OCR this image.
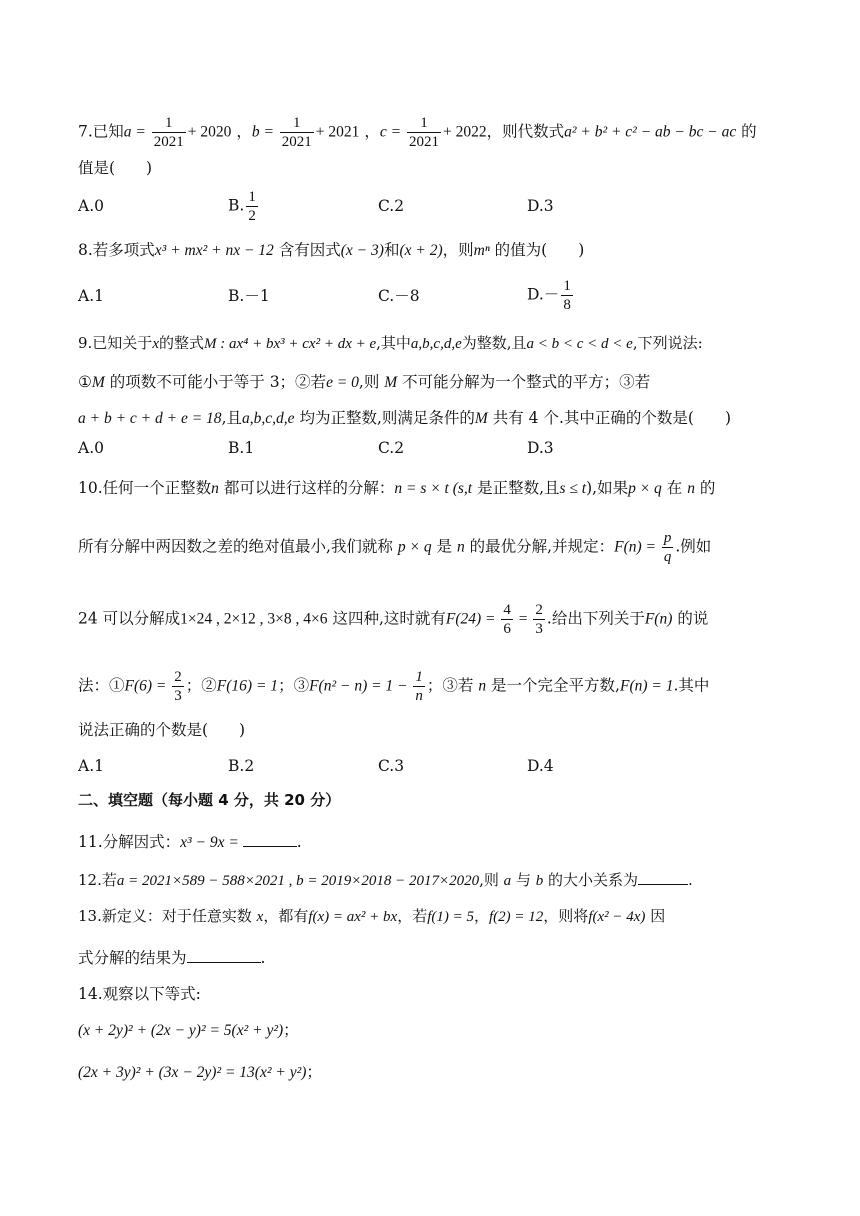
7.已知$a = \frac{1}{2021} + 2020$ ，$b = \frac{1}{2021} + 2021$ ，$c = \frac{1}{2021} + 2022$，则代数式a² + b² + c² − ab − bc − ac 的
值是(　　)
A.0	B. $\frac{1}{2}$	C.2	D.3
8.若多项式x³ + mx² + nx − 12 含有因式(x − 3)和(x + 2)，则mⁿ 的值为(　　)
A.1	B.－1	C.－8	$D.- \frac{1}{8}$
9.已知关于x的整式M : ax⁴ + bx³ + cx² + dx + e,其中a,b,c,d,e为整数,且a < b < c < d < e,下列说法:
①M 的项数不可能小于等于 3；②若e = 0,则 M 不可能分解为一个整式的平方；③若
a + b + c + d + e = 18,且a,b,c,d,e 均为正整数,则满足条件的M 共有 4 个.其中正确的个数是(　　)
A.0	B.1	C.2	D.3
10.任何一个正整数n 都可以进行这样的分解：n = s × t (s,t 是正整数,且s ≤ t),如果p × q 在 n 的
所有分解中两因数之差的绝对值最小,我们就称 p × q 是 n 的最优分解,并规定：$F(n) = \frac{p}{q}$ .例如
24 可以分解成1×24 , 2×12 , 3×8 , 4×6 这四种,这时就有$F(24) = \frac{4}{6} = \frac{2}{3}$ .给出下列关于F(n) 的说
法：①F(6) = $\frac{2}{3}$ ；②F(16) = 1；③F(n² − $n) = 1 - \frac{1}{n}$ ；③若 n 是一个完全平方数,F(n) = 1.其中
说法正确的个数是(　　)
A.1	B.2	C.3	D.4
二、填空题（每小题 4 分，共 20 分）
11.分解因式：x³ − 9x =	.
12.若a = 2021×589 − 588×2021 , b = 2019×2018 − 2017×2020,则 a 与 b 的大小关系为	.
13.新定义：对于任意实数 x，都有f(x) = ax² + bx，若f(1) = 5，f(2) = 12，则将f(x² − 4x) 因
式分解的结果为	.
14.观察以下等式:
(x + 2y)² + (2x − y)² = 5(x² + y²)；
(2x + 3y)² + (3x − 2y)² = 13(x² + y²)；
